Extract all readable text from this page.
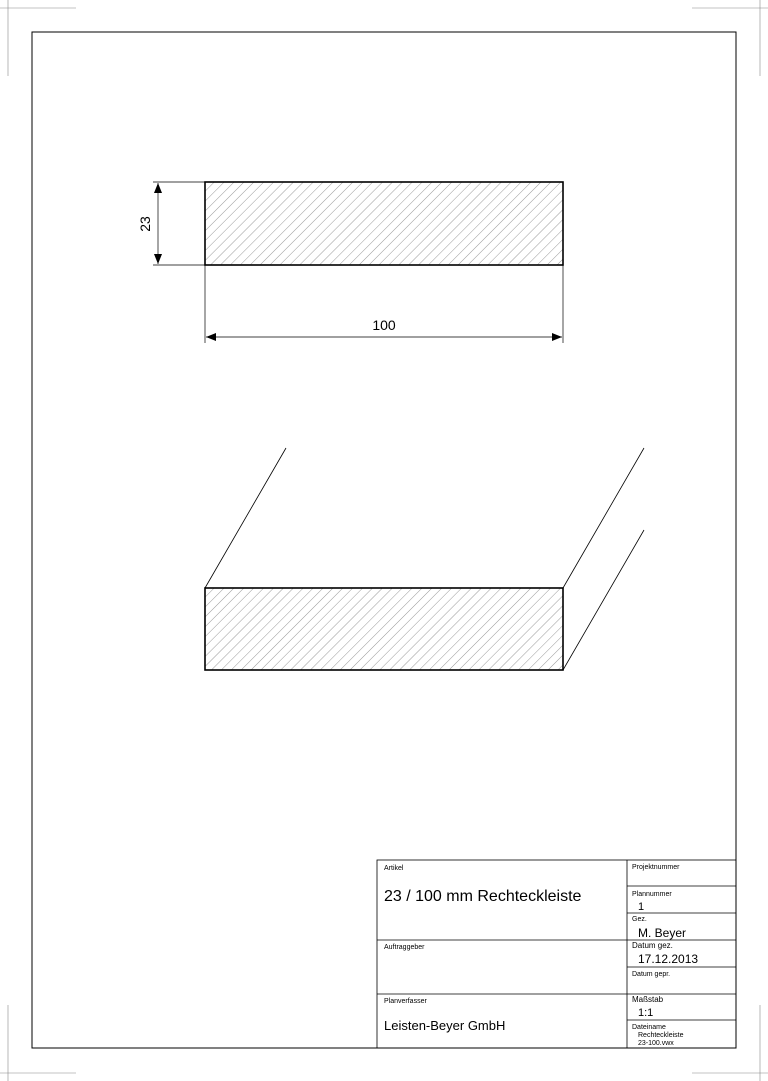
23
100
Artikel
23 / 100 mm Rechteckleiste
Projektnummer
Plannummer
1
Gez.
M. Beyer
Auftraggeber	Datum gez.
17.12.2013
Datum gepr.
Planverfasser
Leisten-Beyer GmbH
Maßstab
1:1
Dateiname
Rechteckleiste
23-100.vwx
